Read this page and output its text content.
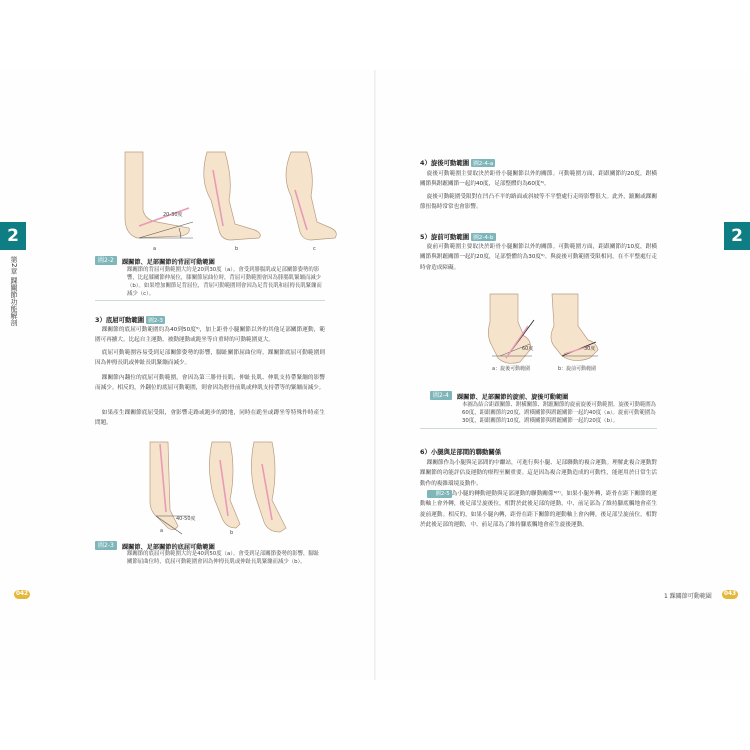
2
第2章 踝關節功能解剖
2
20-30度
a	b	c
圖2-2	踝關節、足部關節的背屈可動範圍
踝關節的背屈可動範圍大約是20到30度（a）。會受到腓腸肌或足部關節姿勢的影響，比起膝關節伸展位，膝關節屈曲位時，背屈可動範圍會因為腓腸肌緊繃而減少（b）。如果增加關節足背屈位，背屈可動範圍則會因為足背長肌和屈拇長肌緊繃而減少（c）。
3）底屈可動範圍 圖2-3
踝關節的底屈可動範圍約為40到50度⁵⁾，加上距骨小腿關節以外的其他足部關節運動，範圍可再擴大。比起自主運動，被動運動或跪坐等自重時的可動範圍更大。
底屈可動範圍容易受到足部關節姿勢的影響，腳趾關節屈曲位時，踝關節底屈可動範圍則因為伸拇長肌或伸趾長肌緊繃而減少。
踝關節內翻位的底屈可動範圍，會因為第三腓骨長肌、伸趾長肌、伸肌支持帶緊繃的影響而減少。相反的，外翻位的底屈可動範圍，則會因為脛骨前肌或伸肌支持帶等的緊繃而減少。
如果產生踝關節底屈受限，會影響走路或跑步的蹬地，同時在跪坐或蹲坐等特殊作時產生問題。
40-50度
a	b
圖2-3	踝關節、足部關節的底屈可動範圍
踝關節的底屈可動範圍大約是40到50度（a）。會受到足部關節姿勢的影響，腳趾關節屈曲位時，底屈可動範圍會因為伸拇長肌或伸趾長肌緊繃而減少（b）。
042
4）旋後可動範圍 圖2-4-a
旋後可動範圍主要取決於距骨小腿關節以外的關節。可動範圍方面，距跟關節約20度，跗橫關節與跗蹠關節一起約40度，足部整體約為60度⁶⁾。
旋後可動範圍受限對在凹凸不平的路面或斜坡等不平整處行走時影響很大。此外，蹠關或踝關節扭傷時常常也會影響。
5）旋前可動範圍 圖2-4-b
旋前可動範圍主要取決於距骨小腿關節以外的關節。可動範圍方面，距跟關節約10度，跗橫關節與跗蹠關節一起約20度，足部整體約為30度⁶⁾。與旋後可動範圍受限相同，在不平整處行走時會造成障礙。
60度	30度
a：旋後可動範圍	b：旋前可動範圍
圖2-4	踝關節、足部關節的旋前、旋後可動範圍
本圖為結合距跟關節、跗橫關節、跗蹠關節的旋前旋後可動範圍。旋後可動範圍為60度，距跟關節約20度，跗橫關節與跗蹠關節一起約40度（a）。旋前可動範圍為30度，距跟關節約10度，跗橫關節與跗蹠關節一起約20度（b）。
6）小腿與足部間的聯動關係
踝關節作為小腿與足部間的中繼站，可進行與小腿、足部聯動的複合運動。理解此複合運動對踝關節的功能評估及運動的療程至關重要。這是因為複合運動造成的可動性，能運用於日常生活動作的複雜環境及動作。
圖2-5 為小腿的轉動運動與足部運動的聯動關係⁶⁾⁷⁾。如果小腿外轉，距骨在距下關節的運動軸上會外轉，後足部呈旋後位，相對於此後足部的運動，中、前足部為了維持腳底觸地會產生旋前運動。相反的，如果小腿內轉，距骨在距下關節的運動軸上會內轉，後足部呈旋前位，相對於此後足部的運動，中、前足部為了維持腳底觸地會產生旋後運動。
1 踝關節可動範圍	043
